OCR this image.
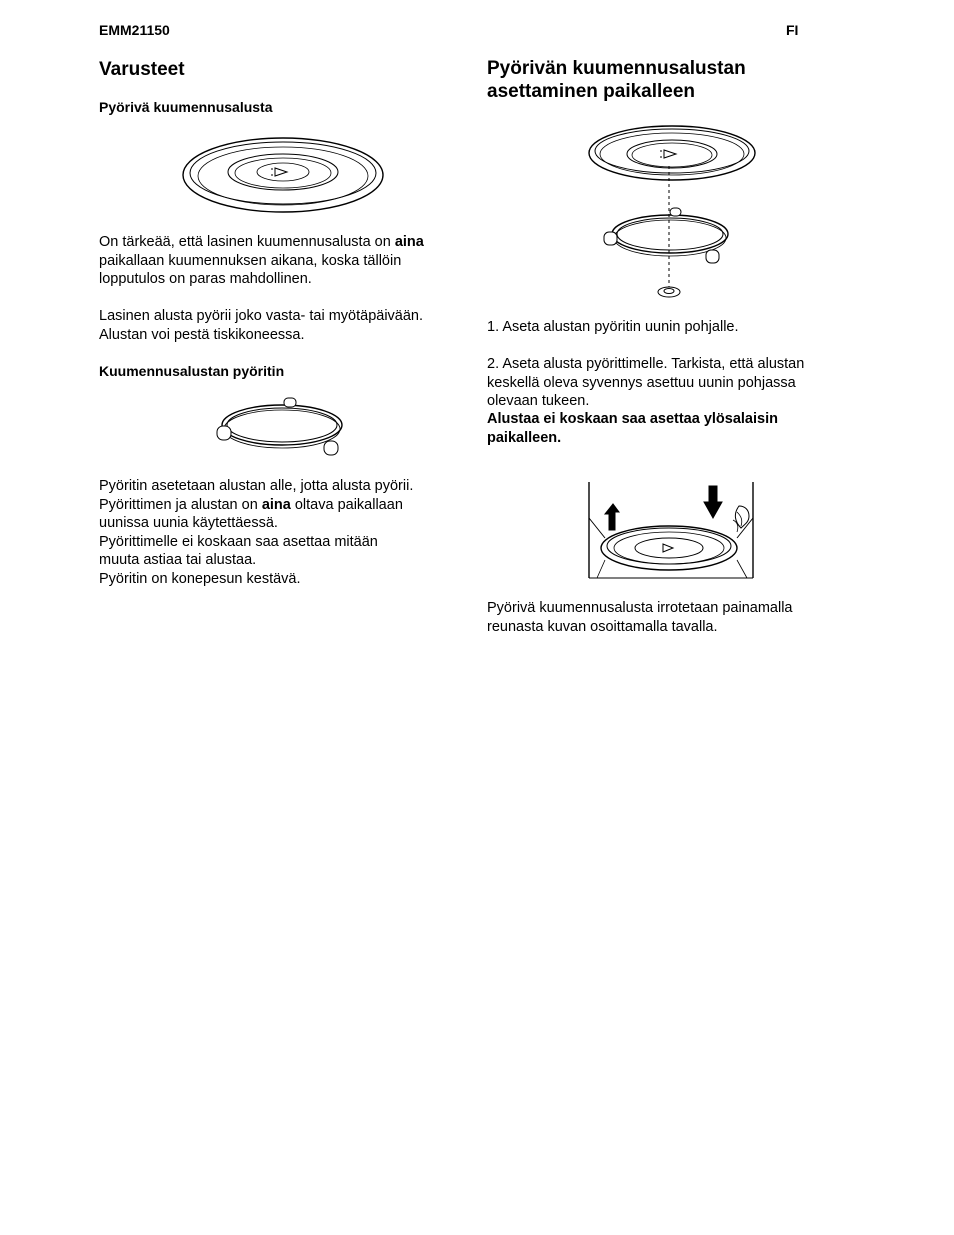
EMM21150	FI
Varusteet
Pyörivä kuumennusalusta
On tärkeää, että lasinen kuumennusalusta on aina
paikallaan kuumennuksen aikana, koska tällöin
lopputulos on paras mahdollinen.
Lasinen alusta pyörii joko vasta- tai myötäpäivään.
Alustan voi pestä tiskikoneessa.
Kuumennusalustan pyöritin
Pyöritin asetetaan alustan alle, jotta alusta pyörii.
Pyörittimen ja alustan on aina oltava paikallaan
uunissa uunia käytettäessä.
Pyörittimelle ei koskaan saa asettaa mitään
muuta astiaa tai alustaa.
Pyöritin on konepesun kestävä.
Pyörivän kuumennusalustan
asettaminen paikalleen
1. Aseta alustan pyöritin uunin pohjalle.
2. Aseta alusta pyörittimelle. Tarkista, että alustan
keskellä oleva syvennys asettuu uunin pohjassa
olevaan tukeen.
Alustaa ei koskaan saa asettaa ylösalaisin
paikalleen.
Pyörivä kuumennusalusta irrotetaan painamalla
reunasta kuvan osoittamalla tavalla.
